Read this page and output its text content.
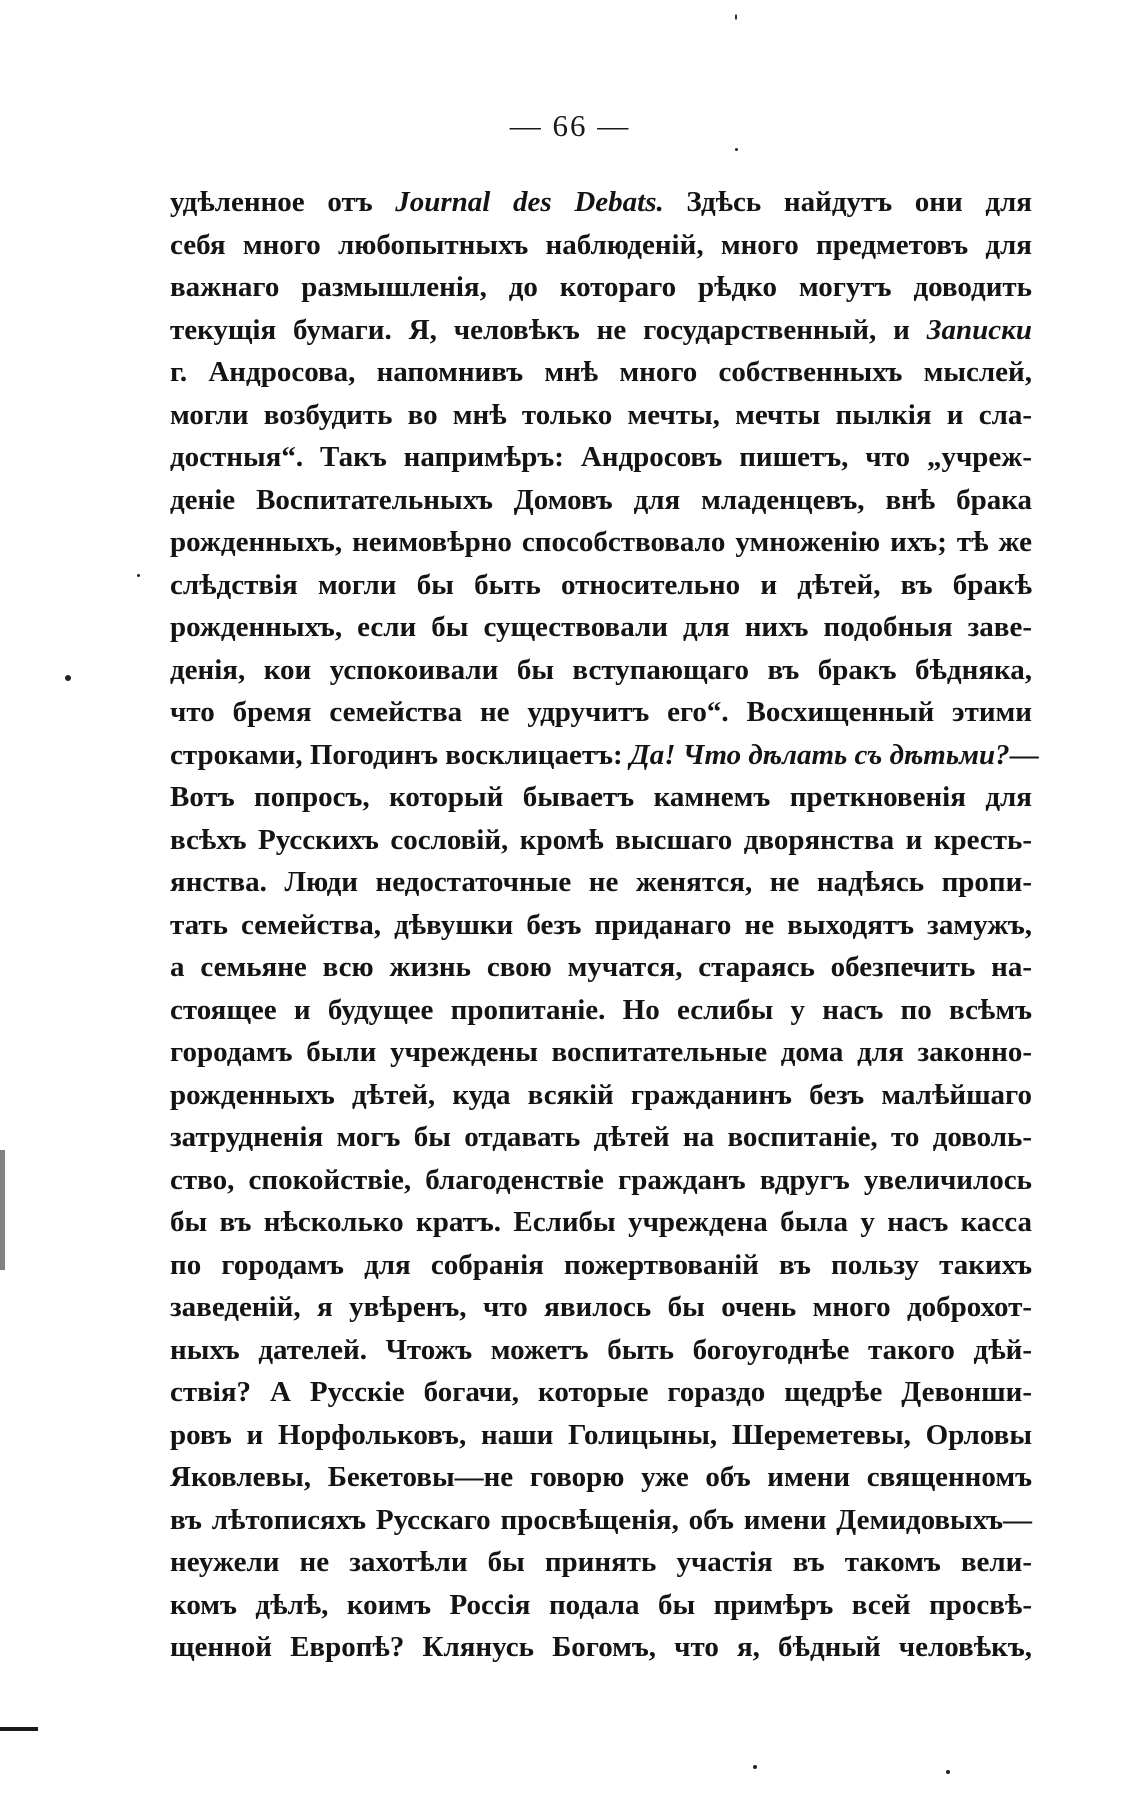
— 66 —
удѣленное отъ Journal des Debats. Здѣсь найдутъ они для
себя много любопытныхъ наблюденій, много предметовъ для
важнаго размышленія, до котораго рѣдко могутъ доводить
текущія бумаги. Я, человѣкъ не государственный, и Записки
г. Андросова, напомнивъ мнѣ много собственныхъ мыслей,
могли возбудить во мнѣ только мечты, мечты пылкія и сла-
достныя“. Такъ напримѣръ: Андросовъ пишетъ, что „учреж-
деніе Воспитательныхъ Домовъ для младенцевъ, внѣ брака
рожденныхъ, неимовѣрно способствовало умноженію ихъ; тѣ же
слѣдствія могли бы быть относительно и дѣтей, въ бракѣ
рожденныхъ, если бы существовали для нихъ подобныя заве-
денія, кои успокоивали бы вступающаго въ бракъ бѣдняка,
что бремя семейства не удручитъ его“. Восхищенный этими
строками, Погодинъ восклицаетъ: Да! Что дѣлать съ дѣтьми?—
Вотъ попросъ, который бываетъ камнемъ преткновенія для
всѣхъ Русскихъ сословій, кромѣ высшаго дворянства и кресть-
янства. Люди недостаточные не женятся, не надѣясь пропи-
тать семейства, дѣвушки безъ приданаго не выходятъ замужъ,
а семьяне всю жизнь свою мучатся, стараясь обезпечить на-
стоящее и будущее пропитаніе. Но еслибы у насъ по всѣмъ
городамъ были учреждены воспитательные дома для законно-
рожденныхъ дѣтей, куда всякій гражданинъ безъ малѣйшаго
затрудненія могъ бы отдавать дѣтей на воспитаніе, то доволь-
ство, спокойствіе, благоденствіе гражданъ вдругъ увеличилось
бы въ нѣсколько кратъ. Еслибы учреждена была у насъ касса
по городамъ для собранія пожертвованій въ пользу такихъ
заведеній, я увѣренъ, что явилось бы очень много доброхот-
ныхъ дателей. Чтожъ можетъ быть богоугоднѣе такого дѣй-
ствія? А Русскіе богачи, которые гораздо щедрѣе Девонши-
ровъ и Норфольковъ, наши Голицыны, Шереметевы, Орловы
Яковлевы, Бекетовы—не говорю уже объ имени священномъ
въ лѣтописяхъ Русскаго просвѣщенія, объ имени Демидовыхъ—
неужели не захотѣли бы принять участія въ такомъ вели-
комъ дѣлѣ, коимъ Россія подала бы примѣръ всей просвѣ-
щенной Европѣ? Клянусь Богомъ, что я, бѣдный человѣкъ,
